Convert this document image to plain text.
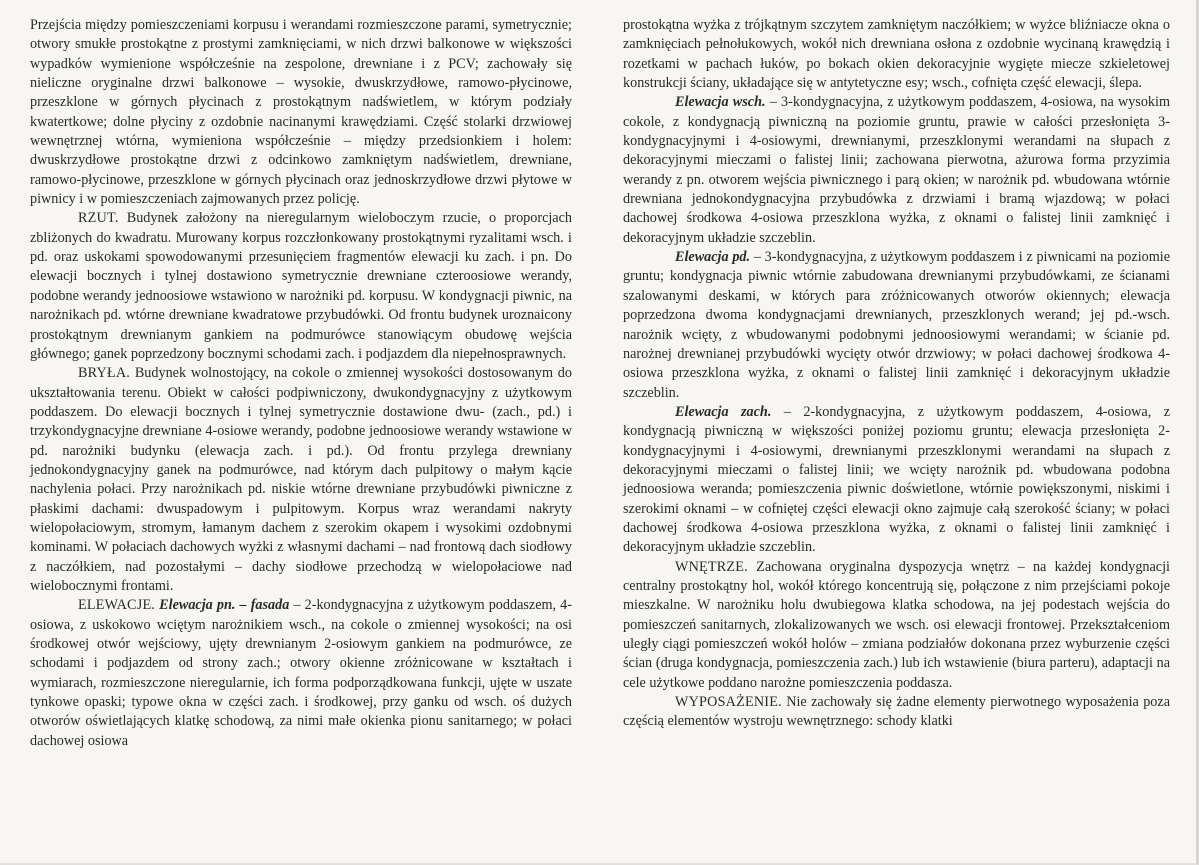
Przejścia między pomieszczeniami korpusu i werandami rozmieszczone parami, symetrycznie; otwory smukłe prostokątne z prostymi zamknięciami, w nich drzwi balkonowe w większości wypadków wymienione współcześnie na zespolone, drewniane i z PCV; zachowały się nieliczne oryginalne drzwi balkonowe – wysokie, dwuskrzydłowe, ramowo-płycinowe, przeszklone w górnych płycinach z prostokątnym nadświetlem, w którym podziały kwatertkowe; dolne płyciny z ozdobnie nacinanymi krawędziami. Część stolarki drzwiowej wewnętrznej wtórna, wymieniona współcześnie – między przedsionkiem i holem: dwuskrzydłowe prostokątne drzwi z odcinkowo zamkniętym nadświetlem, drewniane, ramowo-płycinowe, przeszklone w górnych płycinach oraz jednoskrzydłowe drzwi płytowe w piwnicy i w pomieszczeniach zajmowanych przez policję.

RZUT. Budynek założony na nieregularnym wieloboczym rzucie, o proporcjach zbliżonych do kwadratu. Murowany korpus rozczłonkowany prostokątnymi ryzalitami wsch. i pd. oraz uskokami spowodowanymi przesunięciem fragmentów elewacji ku zach. i pn. Do elewacji bocznych i tylnej dostawiono symetrycznie drewniane czteroosiowe werandy, podobne werandy jednoosiowe wstawiono w narożniki pd. korpusu. W kondygnacji piwnic, na narożnikach pd. wtórne drewniane kwadratowe przybudówki. Od frontu budynek uroznaicony prostokątnym drewnianym gankiem na podmurówce stanowiącym obudowę wejścia głównego; ganek poprzedzony bocznymi schodami zach. i podjazdem dla niepełnosprawnych.

BRYŁA. Budynek wolnostojący, na cokole o zmiennej wysokości dostosowanym do ukształtowania terenu. Obiekt w całości podpiwniczony, dwukondygnacyjny z użytkowym poddaszem. Do elewacji bocznych i tylnej symetrycznie dostawione dwu- (zach., pd.) i trzykondygnacyjne drewniane 4-osiowe werandy, podobne jednoosiowe werandy wstawione w pd. narożniki budynku (elewacja zach. i pd.). Od frontu przylega drewniany jednokondygnacyjny ganek na podmurówce, nad którym dach pulpitowy o małym kącie nachylenia połaci. Przy narożnikach pd. niskie wtórne drewniane przybudówki piwniczne z płaskimi dachami: dwuspadowym i pulpitowym. Korpus wraz werandami nakryty wielopołaciowym, stromym, łamanym dachem z szerokim okapem i wysokimi ozdobnymi kominami. W połaciach dachowych wyżki z własnymi dachami – nad frontową dach siodłowy z naczółkiem, nad pozostałymi – dachy siodłowe przechodzą w wielopołaciowe nad wielobocznymi frontami.

ELEWACJE. Elewacja pn. – fasada – 2-kondygnacyjna z użytkowym poddaszem, 4-osiowa, z uskokowo wciętym narożnikiem wsch., na cokole o zmiennej wysokości; na osi środkowej otwór wejściowy, ujęty drewnianym 2-osiowym gankiem na podmurówce, ze schodami i podjazdem od strony zach.; otwory okienne zróżnicowane w kształtach i wymiarach, rozmieszczone nieregularnie, ich forma podporządkowana funkcji, ujęte w uszate tynkowe opaski; typowe okna w części zach. i środkowej, przy ganku od wsch. oś dużych otworów oświetlających klatkę schodową, za nimi małe okienka pionu sanitarnego; w połaci dachowej osiowa

prostokątna wyżka z trójkątnym szczytem zamkniętym naczółkiem; w wyżce bliźniacze okna o zamknięciach pełnołukowych, wokół nich drewniana osłona z ozdobnie wycinaną krawędzią i rozetkami w pachach łuków, po bokach okien dekoracyjnie wygięte miecze szkieletowej konstrukcji ściany, układające się w antytetyczne esy; wsch., cofnięta część elewacji, ślepa.

Elewacja wsch. – 3-kondygnacyjna, z użytkowym poddaszem, 4-osiowa, na wysokim cokole, z kondygnacją piwniczną na poziomie gruntu, prawie w całości przesłonięta 3-kondygnacyjnymi i 4-osiowymi, drewnianymi, przeszklonymi werandami na słupach z dekoracyjnymi mieczami o falistej linii; zachowana pierwotna, ażurowa forma przyzimia werandy z pn. otworem wejścia piwnicznego i parą okien; w narożnik pd. wbudowana wtórnie drewniana jednokondygnacyjna przybudówka z drzwiami i bramą wjazdową; w połaci dachowej środkowa 4-osiowa przeszklona wyżka, z oknami o falistej linii zamknięć i dekoracyjnym układzie szczeblin.

Elewacja pd. – 3-kondygnacyjna, z użytkowym poddaszem i z piwnicami na poziomie gruntu; kondygnacja piwnic wtórnie zabudowana drewnianymi przybudówkami, ze ścianami szalowanymi deskami, w których para zróżnicowanych otworów okiennych; elewacja poprzedzona dwoma kondygnacjami drewnianych, przeszklonych werand; jej pd.-wsch. narożnik wcięty, z wbudowanymi podobnymi jednoosiowymi werandami; w ścianie pd. narożnej drewnianej przybudówki wycięty otwór drzwiowy; w połaci dachowej środkowa 4-osiowa przeszklona wyżka, z oknami o falistej linii zamknięć i dekoracyjnym układzie szczeblin.

Elewacja zach. – 2-kondygnacyjna, z użytkowym poddaszem, 4-osiowa, z kondygnacją piwniczną w większości poniżej poziomu gruntu; elewacja przesłonięta 2-kondygnacyjnymi i 4-osiowymi, drewnianymi przeszklonymi werandami na słupach z dekoracyjnymi mieczami o falistej linii; we wcięty narożnik pd. wbudowana podobna jednoosiowa weranda; pomieszczenia piwnic doświetlone, wtórnie powiększonymi, niskimi i szerokimi oknami – w cofniętej części elewacji okno zajmuje całą szerokość ściany; w połaci dachowej środkowa 4-osiowa przeszklona wyżka, z oknami o falistej linii zamknięć i dekoracyjnym układzie szczeblin.

WNĘTRZE. Zachowana oryginalna dyspozycja wnętrz – na każdej kondygnacji centralny prostokątny hol, wokół którego koncentrują się, połączone z nim przejściami pokoje mieszkalne. W narożniku holu dwubiegowa klatka schodowa, na jej podestach wejścia do pomieszczeń sanitarnych, zlokalizowanych we wsch. osi elewacji frontowej. Przekształceniom uległy ciągi pomieszczeń wokół holów – zmiana podziałów dokonana przez wyburzenie części ścian (druga kondygnacja, pomieszczenia zach.) lub ich wstawienie (biura parteru), adaptacji na cele użytkowe poddano narożne pomieszczenia poddasza.

WYPOSAŻENIE. Nie zachowały się żadne elementy pierwotnego wyposażenia poza częścią elementów wystroju wewnętrznego: schody klatki
